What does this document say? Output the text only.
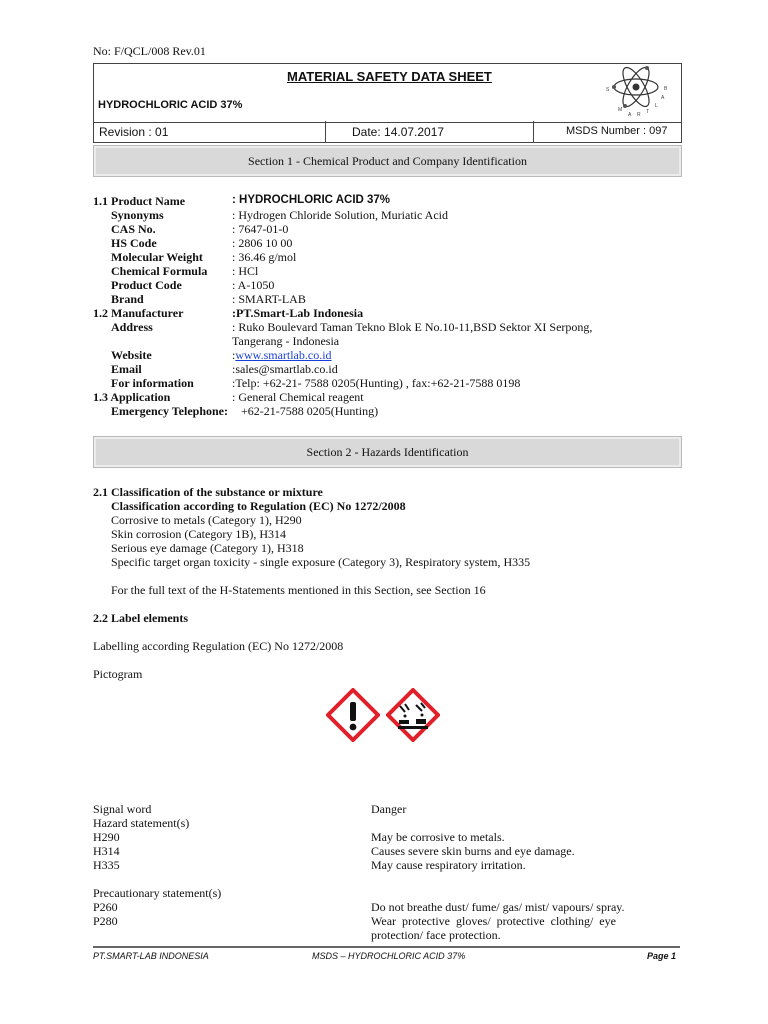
No: F/QCL/008 Rev.01
MATERIAL SAFETY DATA SHEET
HYDROCHLORIC ACID 37%
S
M
A R T
L
A
B
Revision : 01	Date: 14.07.2017	MSDS Number : 097
Section 1 - Chemical Product and Company Identification
1.1 Product Name	: HYDROCHLORIC ACID 37%
Synonyms	: Hydrogen Chloride Solution, Muriatic Acid
CAS No.	: 7647-01-0
HS Code	: 2806 10 00
Molecular Weight : 36.46 g/mol
Chemical Formula : HCl
Product Code	: A-1050
Brand	: SMART-LAB
1.2 Manufacturer	:PT.Smart-Lab Indonesia
Address	: Ruko Boulevard Taman Tekno Blok E No.10-11,BSD Sektor XI Serpong,
Tangerang - Indonesia
Website	:www.smartlab.co.id
Email	:sales@smartlab.co.id
For information	:Telp: +62-21- 7588 0205(Hunting) , fax:+62-21-7588 0198
1.3 Application	: General Chemical reagent
Emergency Telephone: +62-21-7588 0205(Hunting)
Section 2 - Hazards Identification
2.1 Classification of the substance or mixture
Classification according to Regulation (EC) No 1272/2008
Corrosive to metals (Category 1), H290
Skin corrosion (Category 1B), H314
Serious eye damage (Category 1), H318
Specific target organ toxicity - single exposure (Category 3), Respiratory system, H335
For the full text of the H-Statements mentioned in this Section, see Section 16
2.2 Label elements
Labelling according Regulation (EC) No 1272/2008
Pictogram
Signal word	Danger
Hazard statement(s)
H290	May be corrosive to metals.
H314	Causes severe skin burns and eye damage.
H335	May cause respiratory irritation.
Precautionary statement(s)
P260	Do not breathe dust/ fume/ gas/ mist/ vapours/ spray.
P280	Wear  protective  gloves/  protective  clothing/  eye
protection/ face protection.
PT.SMART-LAB INDONESIA	MSDS – HYDROCHLORIC ACID 37%	Page 1
